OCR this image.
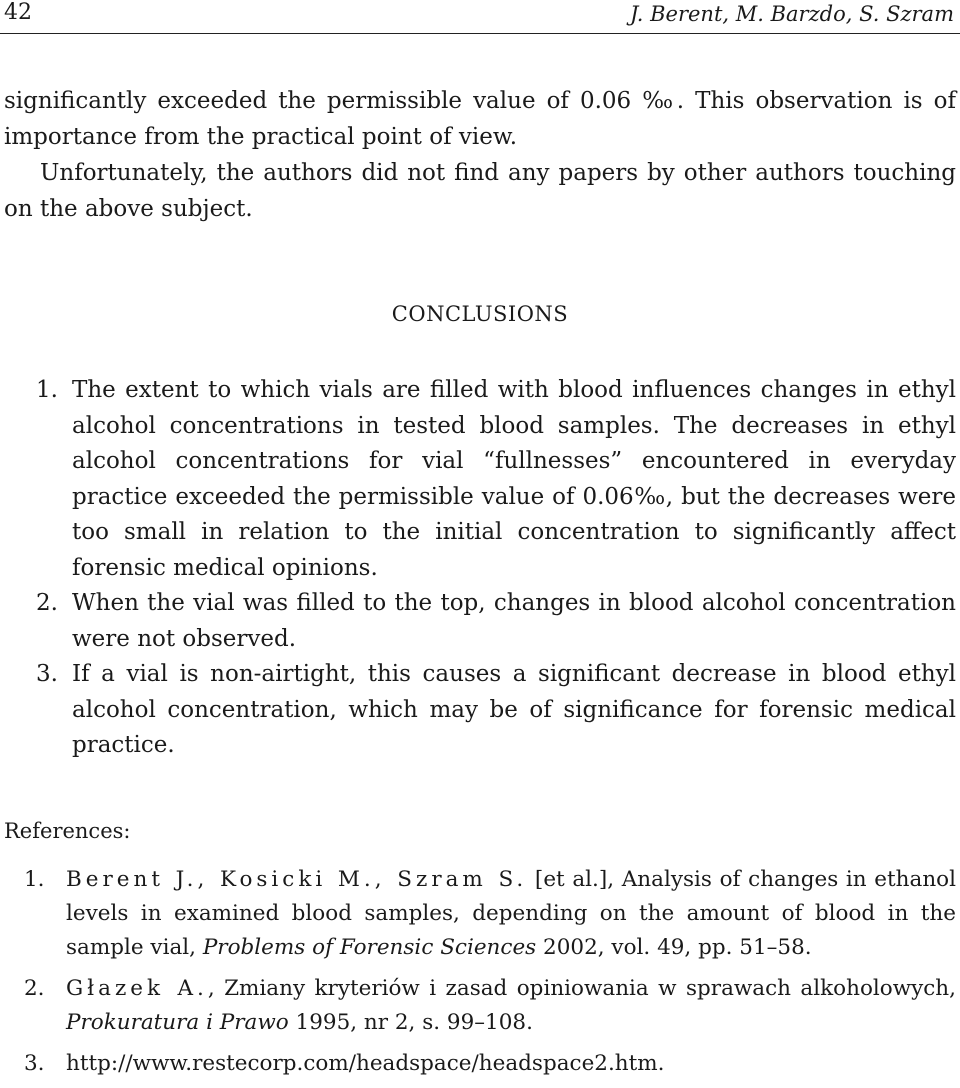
42	J. Berent, M. Barzdo, S. Szram

significantly exceeded the permissible value of 0.06 ‰. This observation is of importance from the practical point of view.

Unfortunately, the authors did not find any papers by other authors touching on the above subject.

CONCLUSIONS
1. The extent to which vials are filled with blood influences changes in ethyl alcohol concentrations in tested blood samples. The decreases in ethyl alcohol concentrations for vial “fullnesses” encountered in everyday practice exceeded the permissible value of 0.06‰, but the decreases were too small in relation to the initial concentration to significantly affect forensic medical opinions.
2. When the vial was filled to the top, changes in blood alcohol concentration were not observed.
3. If a vial is non-airtight, this causes a significant decrease in blood ethyl alcohol concentration, which may be of significance for forensic medical practice.
References:
1. Berent J., Kosicki M., Szram S. [et al.], Analysis of changes in ethanol levels in examined blood samples, depending on the amount of blood in the sample vial, Problems of Forensic Sciences 2002, vol. 49, pp. 51–58.
2. Głazek A., Zmiany kryteriów i zasad opiniowania w sprawach alkoholowych, Prokuratura i Prawo 1995, nr 2, s. 99–108.
3. http://www.restecorp.com/headspace/headspace2.htm.
